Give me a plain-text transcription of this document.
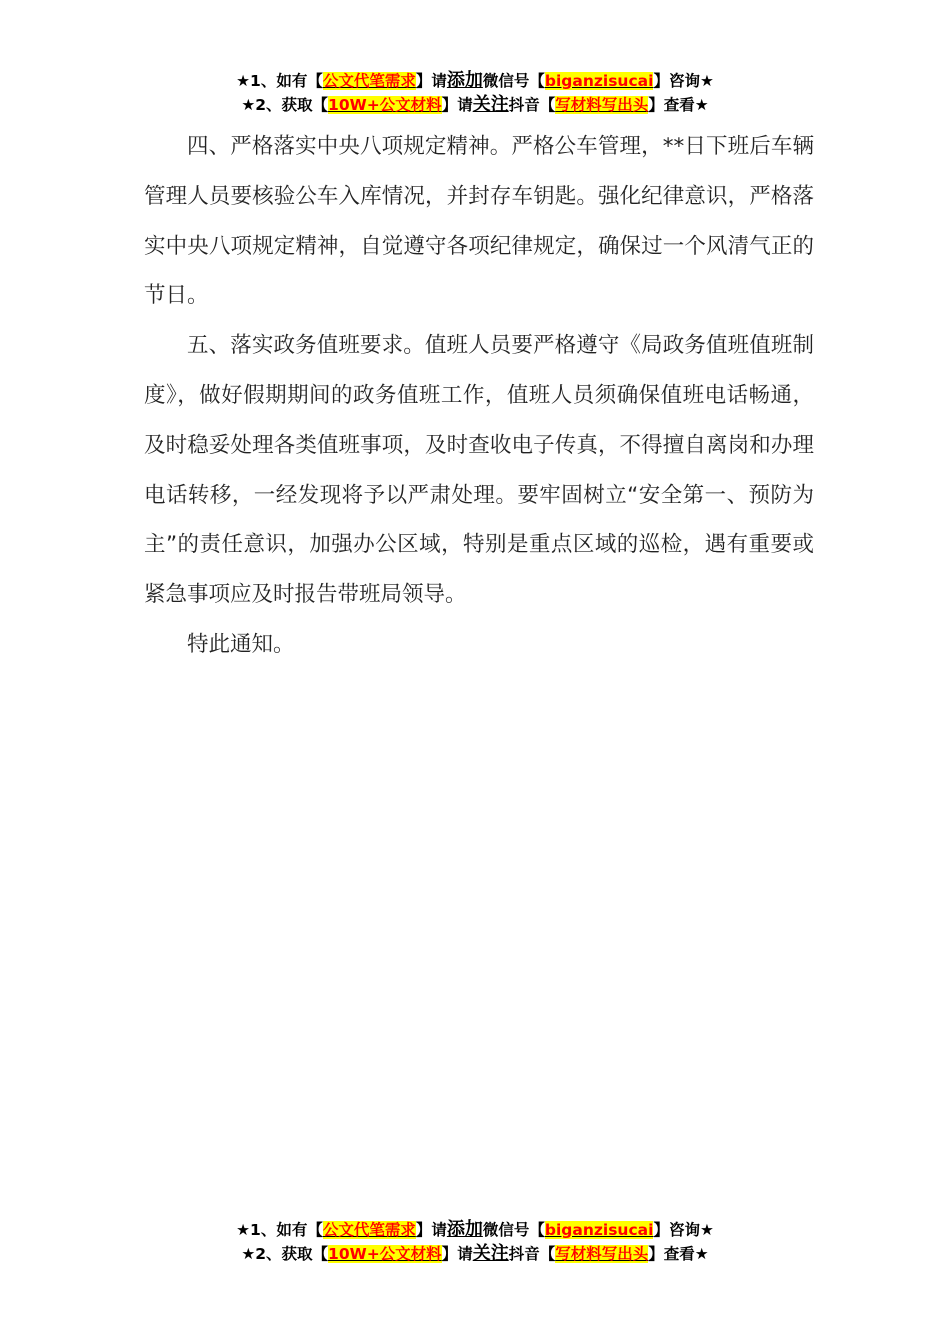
★1、如有【公文代笔需求】请添加微信号【biganzisucai】咨询★
★2、获取【10W+公文材料】请关注抖音【写材料写出头】查看★

四、严格落实中央八项规定精神。严格公车管理，**日下班后车辆管理人员要核验公车入库情况，并封存车钥匙。强化纪律意识，严格落实中央八项规定精神，自觉遵守各项纪律规定，确保过一个风清气正的节日。

五、落实政务值班要求。值班人员要严格遵守《局政务值班值班制度》，做好假期期间的政务值班工作，值班人员须确保值班电话畅通，及时稳妥处理各类值班事项，及时查收电子传真，不得擅自离岗和办理电话转移，一经发现将予以严肃处理。要牢固树立“安全第一、预防为主”的责任意识，加强办公区域，特别是重点区域的巡检，遇有重要或紧急事项应及时报告带班局领导。

特此通知。

★1、如有【公文代笔需求】请添加微信号【biganzisucai】咨询★
★2、获取【10W+公文材料】请关注抖音【写材料写出头】查看★
